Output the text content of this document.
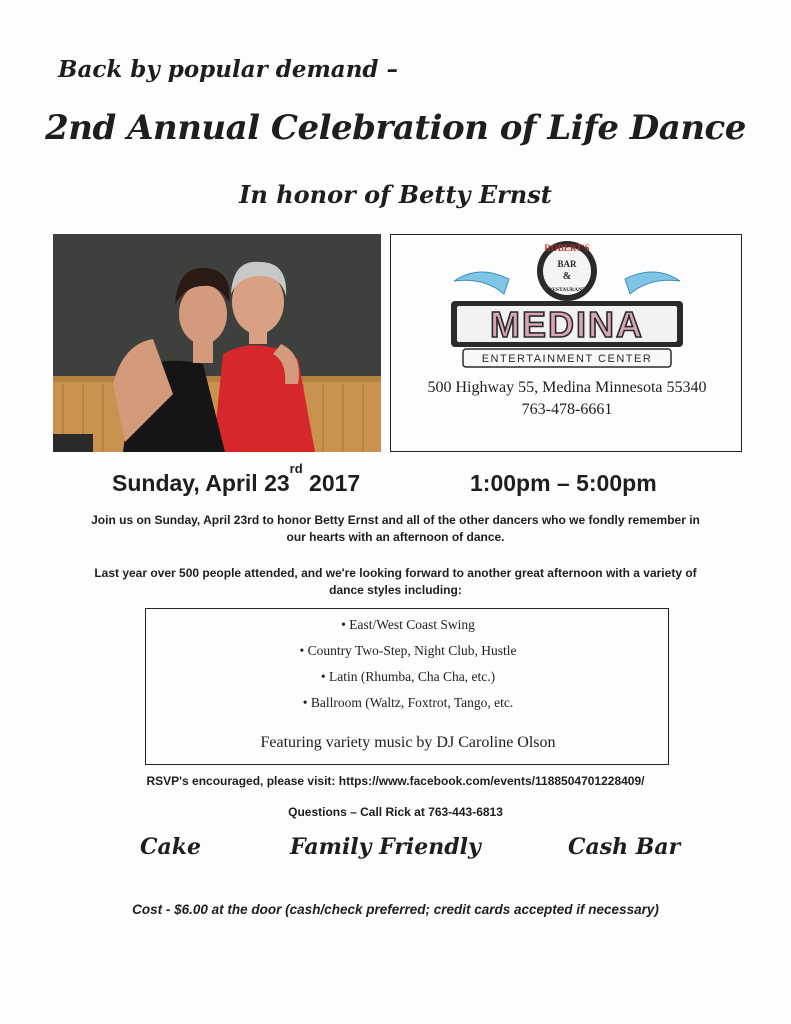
Back by popular demand –
2nd Annual Celebration of Life Dance
In honor of Betty Ernst
ROBERT'S
BAR
&
RESTAURANT
MEDINA
ENTERTAINMENT CENTER
500 Highway 55, Medina Minnesota 55340
763-478-6661
Sunday, April 23rd 2017	1:00pm – 5:00pm
Join us on Sunday, April 23rd to honor Betty Ernst and all of the other dancers who we fondly remember in our hearts with an afternoon of dance.
Last year over 500 people attended, and we're looking forward to another great afternoon with a variety of dance styles including:
• East/West Coast Swing
• Country Two-Step, Night Club, Hustle
• Latin (Rhumba, Cha Cha, etc.)
• Ballroom (Waltz, Foxtrot, Tango, etc.
Featuring variety music by DJ Caroline Olson
RSVP's encouraged, please visit: https://www.facebook.com/events/1188504701228409/
Questions – Call Rick at 763-443-6813
Cake	Family Friendly	Cash Bar
Cost - $6.00 at the door (cash/check preferred; credit cards accepted if necessary)
